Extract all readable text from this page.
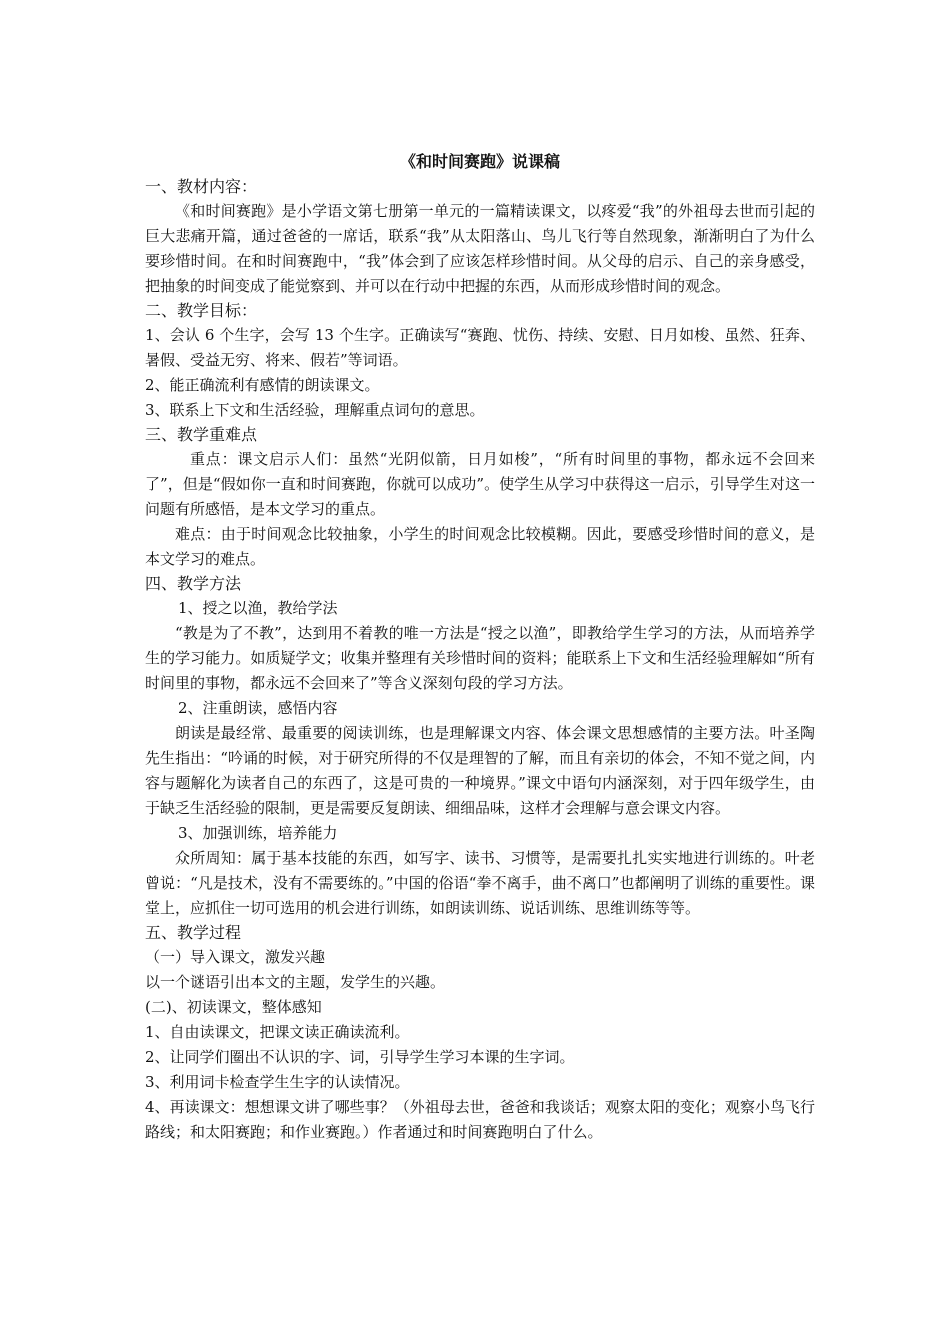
《和时间赛跑》说课稿
一、教材内容：

《和时间赛跑》是小学语文第七册第一单元的一篇精读课文，以疼爱“我”的外祖母去世而引起的巨大悲痛开篇，通过爸爸的一席话，联系“我”从太阳落山、鸟儿飞行等自然现象，渐渐明白了为什么要珍惜时间。在和时间赛跑中，“我”体会到了应该怎样珍惜时间。从父母的启示、自己的亲身感受，把抽象的时间变成了能觉察到、并可以在行动中把握的东西，从而形成珍惜时间的观念。

二、教学目标：

1、会认 6 个生字，会写 13 个生字。正确读写“赛跑、忧伤、持续、安慰、日月如梭、虽然、狂奔、暑假、受益无穷、将来、假若”等词语。

2、能正确流利有感情的朗读课文。

3、联系上下文和生活经验，理解重点词句的意思。

三、教学重难点

重点：课文启示人们：虽然“光阴似箭，日月如梭”，“所有时间里的事物，都永远不会回来了”，但是“假如你一直和时间赛跑，你就可以成功”。使学生从学习中获得这一启示，引导学生对这一问题有所感悟，是本文学习的重点。

难点：由于时间观念比较抽象，小学生的时间观念比较模糊。因此，要感受珍惜时间的意义，是本文学习的难点。

四、教学方法

1、授之以渔，教给学法

“教是为了不教”，达到用不着教的唯一方法是“授之以渔”，即教给学生学习的方法，从而培养学生的学习能力。如质疑学文；收集并整理有关珍惜时间的资料；能联系上下文和生活经验理解如“所有时间里的事物，都永远不会回来了”等含义深刻句段的学习方法。

2、注重朗读，感悟内容

朗读是最经常、最重要的阅读训练，也是理解课文内容、体会课文思想感情的主要方法。叶圣陶先生指出：“吟诵的时候，对于研究所得的不仅是理智的了解，而且有亲切的体会，不知不觉之间，内容与题解化为读者自己的东西了，这是可贵的一种境界。”课文中语句内涵深刻，对于四年级学生，由于缺乏生活经验的限制，更是需要反复朗读、细细品味，这样才会理解与意会课文内容。

3、加强训练，培养能力

众所周知：属于基本技能的东西，如写字、读书、习惯等，是需要扎扎实实地进行训练的。叶老曾说：“凡是技术，没有不需要练的。”中国的俗语“拳不离手，曲不离口”也都阐明了训练的重要性。课堂上，应抓住一切可选用的机会进行训练，如朗读训练、说话训练、思维训练等等。

五、教学过程

（一）导入课文，激发兴趣

以一个谜语引出本文的主题，发学生的兴趣。

(二)、初读课文，整体感知

1、自由读课文，把课文读正确读流利。

2、让同学们圈出不认识的字、词，引导学生学习本课的生字词。

3、利用词卡检查学生生字的认读情况。

4、再读课文：想想课文讲了哪些事？（外祖母去世，爸爸和我谈话；观察太阳的变化；观察小鸟飞行路线；和太阳赛跑；和作业赛跑。）作者通过和时间赛跑明白了什么。
